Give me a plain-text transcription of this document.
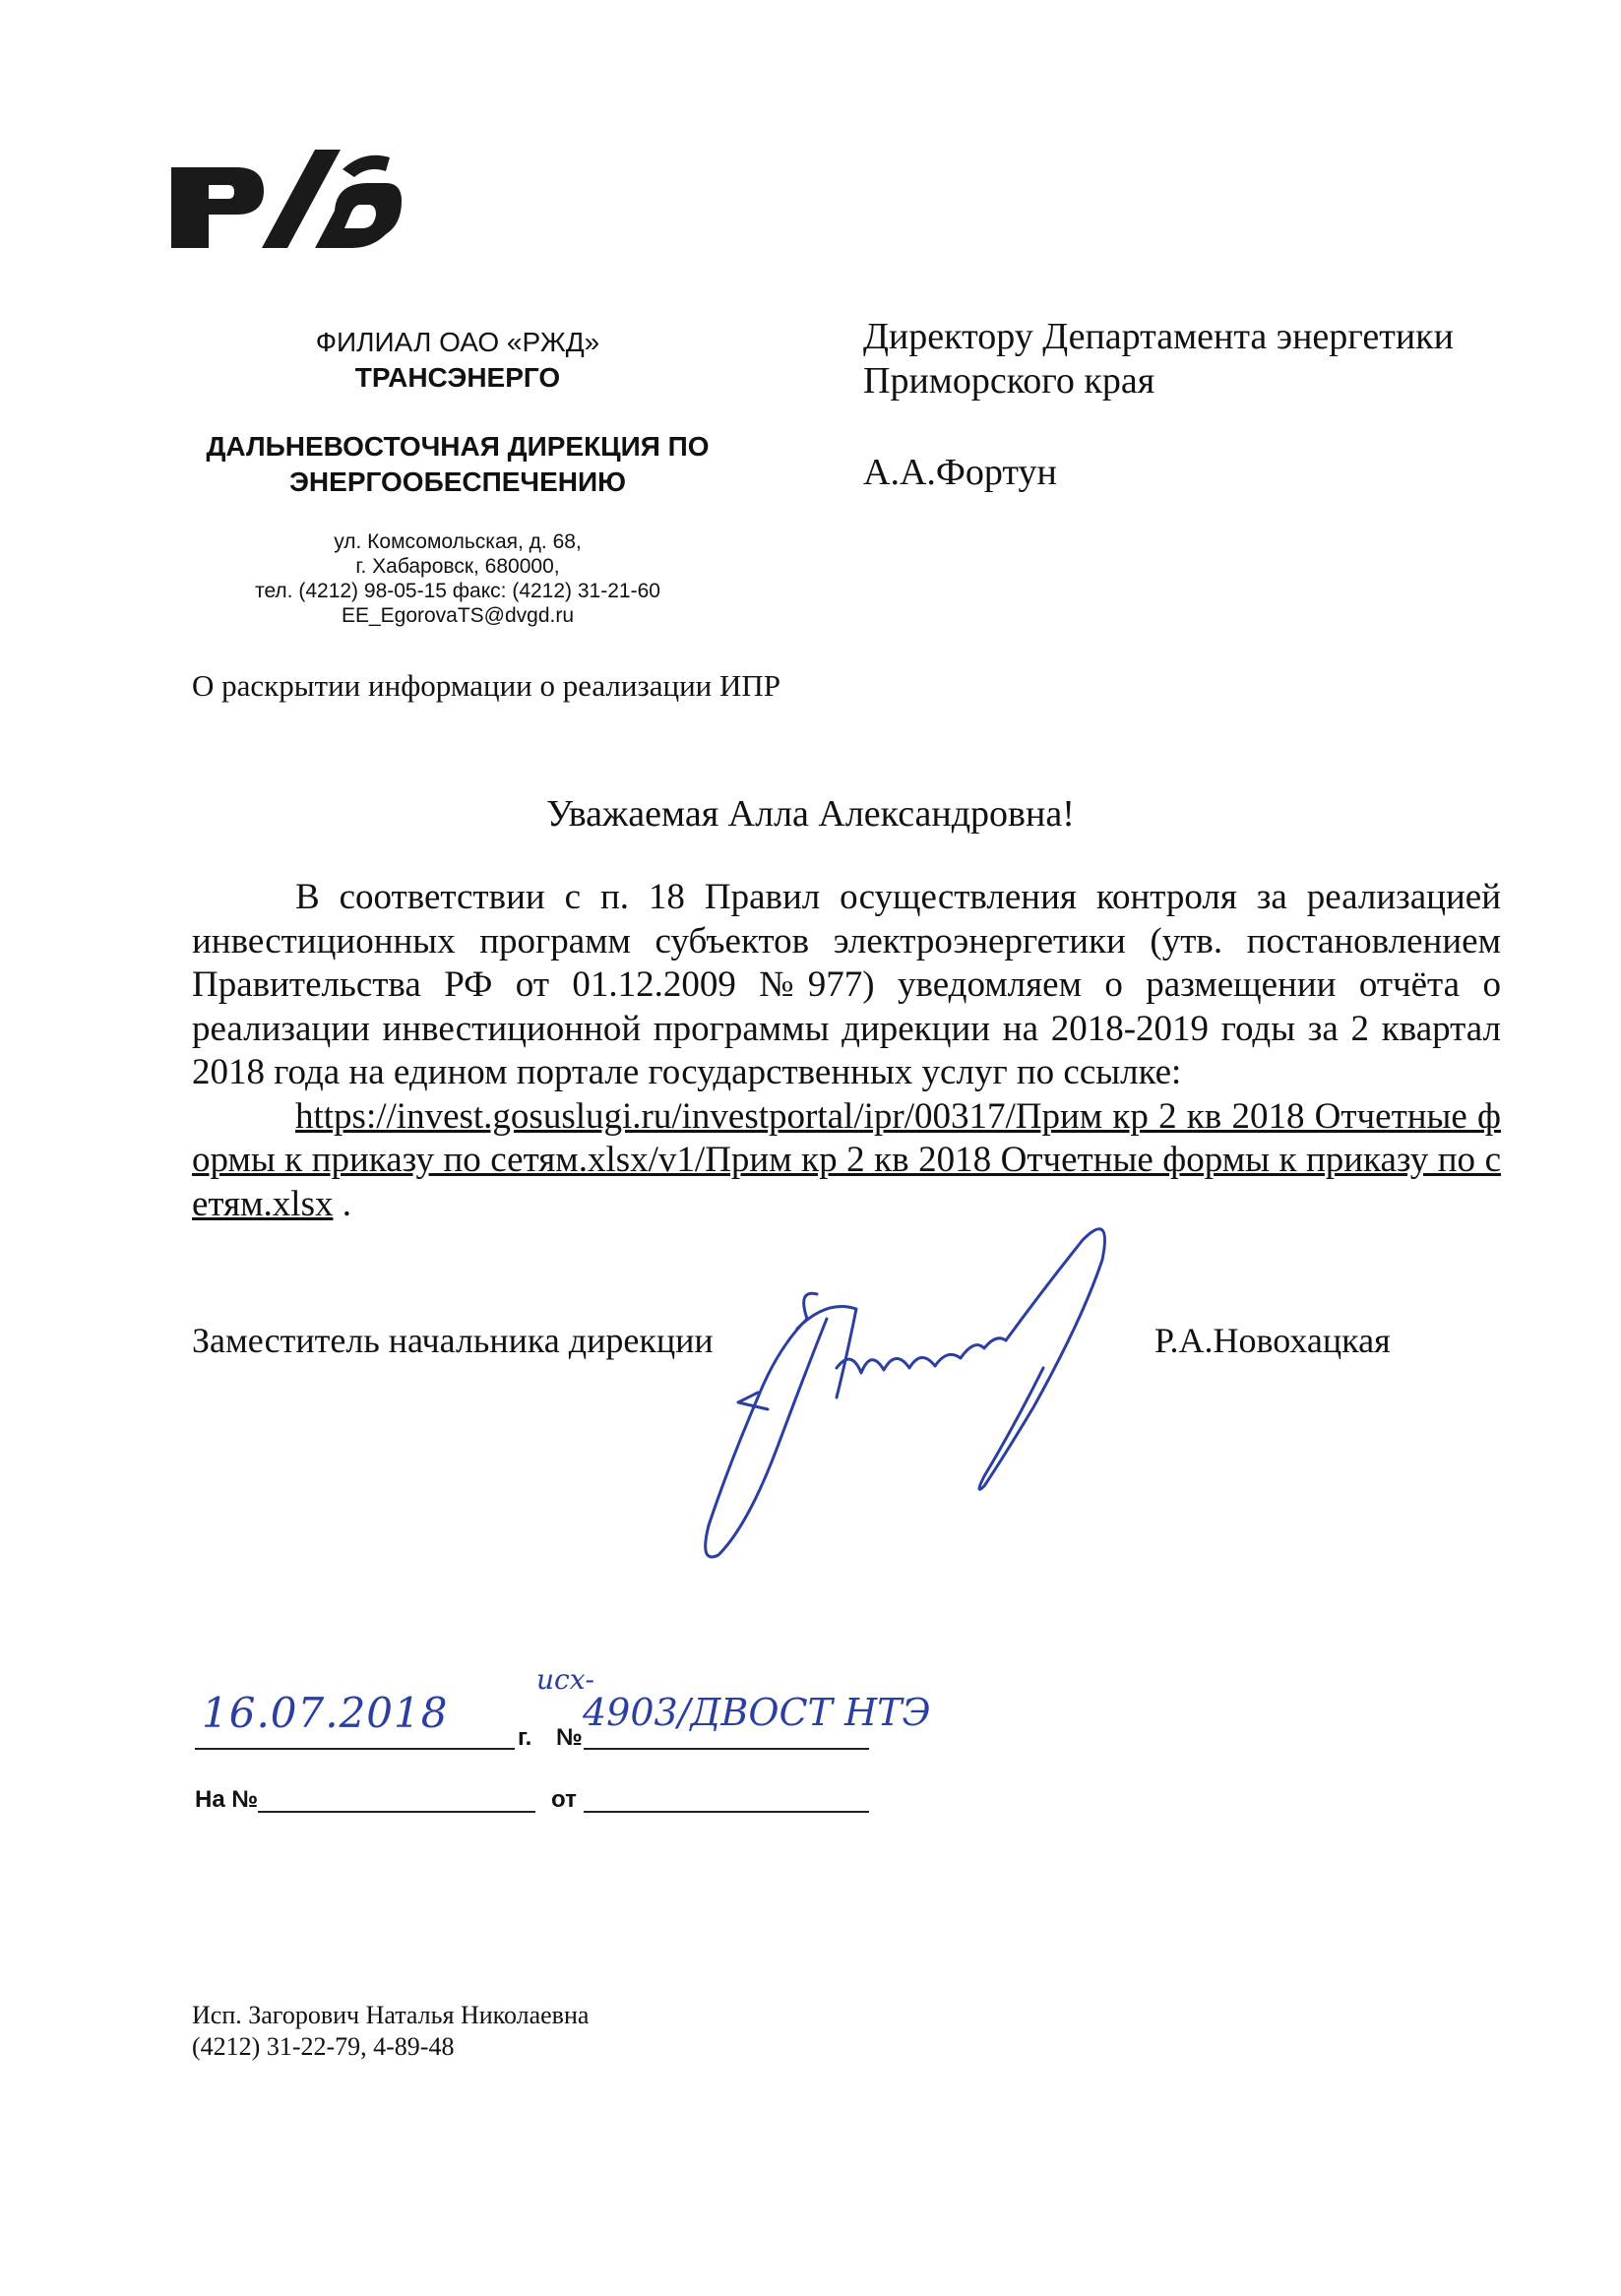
ФИЛИАЛ ОАО «РЖД»
ТРАНСЭНЕРГО
ДАЛЬНЕВОСТОЧНАЯ ДИРЕКЦИЯ ПО
ЭНЕРГООБЕСПЕЧЕНИЮ
ул. Комсомольская, д. 68,
г. Хабаровск, 680000,
тел. (4212) 98-05-15 факс: (4212) 31-21-60
EE_EgorovaTS@dvgd.ru
Директору Департамента энергетики
Приморского края
А.А.Фортун
О раскрытии информации о реализации ИПР
Уважаемая Алла Александровна!

В соответствии с п. 18 Правил осуществления контроля за реализацией инвестиционных программ субъектов электроэнергетики (утв. постановлением Правительства РФ от 01.12.2009 №977) уведомляем о размещении отчёта о реализации инвестиционной программы дирекции на 2018-2019 годы за 2 квартал 2018 года на едином портале государственных услуг по ссылке:

https://invest.gosuslugi.ru/investportal/ipr/00317/Прим кр 2 кв 2018 Отчетные формы к приказу по сетям.xlsx/v1/Прим кр 2 кв 2018 Отчетные формы к приказу по сетям.xlsx .

Заместитель начальника дирекции	Р.А.Новохацкая
16.07.2018
г. №
исх-
4903/ДВОСТ НТЭ
На №	от
Исп. Загорович Наталья Николаевна
(4212) 31-22-79, 4-89-48
